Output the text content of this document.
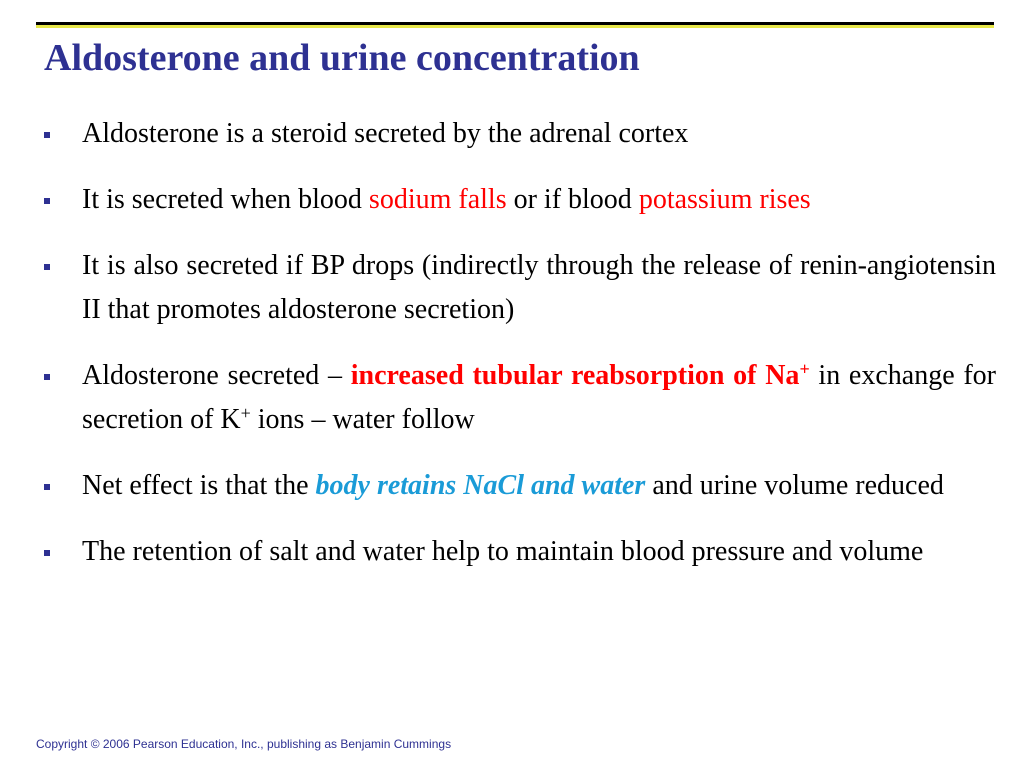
Aldosterone and urine concentration
Aldosterone is a steroid secreted by the adrenal cortex
It is secreted when blood sodium falls or if blood potassium rises
It is also secreted if BP drops (indirectly through the release of renin-angiotensin II that promotes aldosterone secretion)
Aldosterone secreted – increased tubular reabsorption of Na+ in exchange for secretion of K+ ions – water follow
Net effect is that the body retains NaCl and water and urine volume reduced
The retention of salt and water help to maintain blood pressure and volume
Copyright © 2006 Pearson Education, Inc., publishing as Benjamin Cummings
